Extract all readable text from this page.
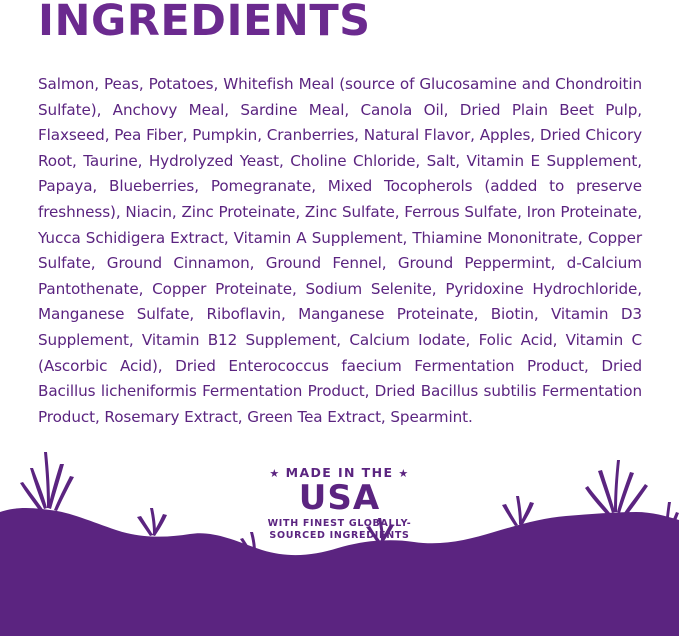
INGREDIENTS
Salmon, Peas, Potatoes, Whitefish Meal (source of Glucosamine and Chondroitin Sulfate), Anchovy Meal, Sardine Meal, Canola Oil, Dried Plain Beet Pulp, Flaxseed, Pea Fiber, Pumpkin, Cranberries, Natural Flavor, Apples, Dried Chicory Root, Taurine, Hydrolyzed Yeast, Choline Chloride, Salt, Vitamin E Supplement, Papaya, Blueberries, Pomegranate, Mixed Tocopherols (added to preserve freshness), Niacin, Zinc Proteinate, Zinc Sulfate, Ferrous Sulfate, Iron Proteinate, Yucca Schidigera Extract, Vitamin A Supplement, Thiamine Mononitrate, Copper Sulfate, Ground Cinnamon, Ground Fennel, Ground Peppermint, d-Calcium Pantothenate, Copper Proteinate, Sodium Selenite, Pyridoxine Hydrochloride, Manganese Sulfate, Riboflavin, Manganese Proteinate, Biotin, Vitamin D3 Supplement, Vitamin B12 Supplement, Calcium Iodate, Folic Acid, Vitamin C (Ascorbic Acid), Dried Enterococcus faecium Fermentation Product, Dried Bacillus licheniformis Fermentation Product, Dried Bacillus subtilis Fermentation Product, Rosemary Extract, Green Tea Extract, Spearmint.
★ MADE IN THE ★
USA
WITH FINEST GLOBALLY-
SOURCED INGREDIENTS
